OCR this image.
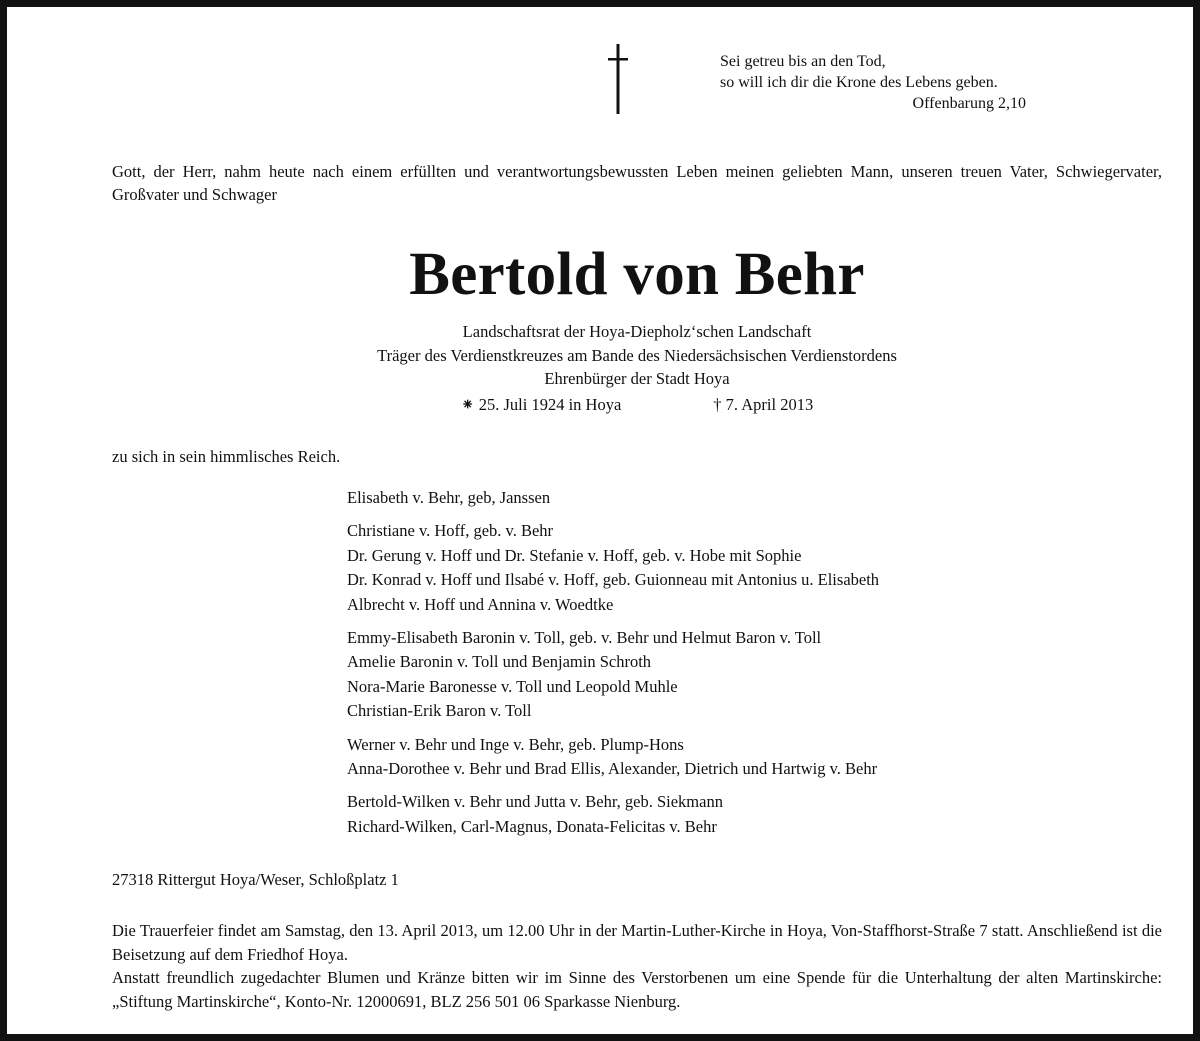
Sei getreu bis an den Tod,
so will ich dir die Krone des Lebens geben.
Offenbarung 2,10
Gott, der Herr, nahm heute nach einem erfüllten und verantwortungsbewussten Leben meinen geliebten Mann, unseren treuen Vater, Schwiegervater, Großvater und Schwager
Bertold von Behr
Landschaftsrat der Hoya-Diepholz‘schen Landschaft
Träger des Verdienstkreuzes am Bande des Niedersächsischen Verdienstordens
Ehrenbürger der Stadt Hoya
⁕ 25. Juli 1924 in Hoya	† 7. April 2013
zu sich in sein himmlisches Reich.
Elisabeth v. Behr, geb, Janssen
Christiane v. Hoff, geb. v. Behr
Dr. Gerung v. Hoff und Dr. Stefanie v. Hoff, geb. v. Hobe mit Sophie
Dr. Konrad v. Hoff und Ilsabé v. Hoff, geb. Guionneau mit Antonius u. Elisabeth
Albrecht v. Hoff und Annina v. Woedtke
Emmy-Elisabeth Baronin v. Toll, geb. v. Behr und Helmut Baron v. Toll
Amelie Baronin v. Toll und Benjamin Schroth
Nora-Marie Baronesse v. Toll und Leopold Muhle
Christian-Erik Baron v. Toll
Werner v. Behr und Inge v. Behr, geb. Plump-Hons
Anna-Dorothee v. Behr und Brad Ellis, Alexander, Dietrich und Hartwig v. Behr
Bertold-Wilken v. Behr und Jutta v. Behr, geb. Siekmann
Richard-Wilken, Carl-Magnus, Donata-Felicitas v. Behr
27318 Rittergut Hoya/Weser, Schloßplatz 1
Die Trauerfeier findet am Samstag, den 13. April 2013, um 12.00 Uhr in der Martin-Luther-Kirche in Hoya, Von-Staffhorst-Straße 7 statt. Anschließend ist die Beisetzung auf dem Friedhof Hoya.
Anstatt freundlich zugedachter Blumen und Kränze bitten wir im Sinne des Verstorbenen um eine Spende für die Unterhaltung der alten Martinskirche: „Stiftung Martinskirche“, Konto-Nr. 12000691, BLZ 256 501 06 Sparkasse Nienburg.
